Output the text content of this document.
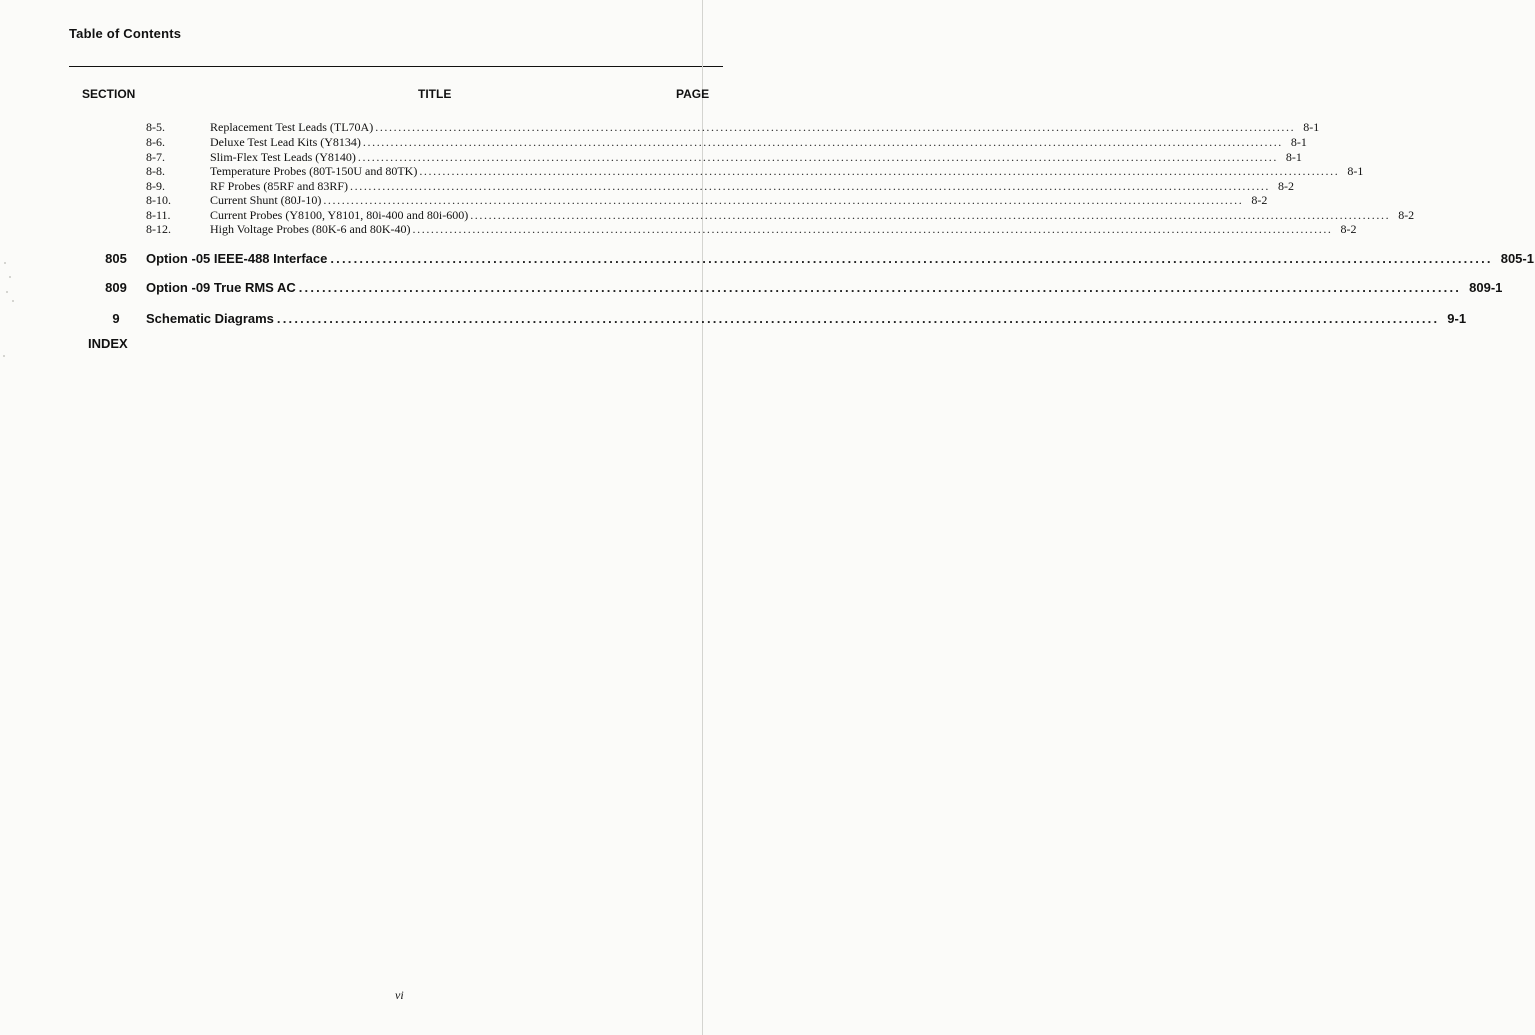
Table of Contents
SECTION	TITLE	PAGE
8-5.	Replacement Test Leads (TL70A) ........................................................................................................................................................................................................ 8-1
8-6.	Deluxe Test Lead Kits (Y8134) ........................................................................................................................................................................................................ 8-1
8-7.	Slim-Flex Test Leads (Y8140) ........................................................................................................................................................................................................ 8-1
8-8.	Temperature Probes (80T-150U and 80TK) ........................................................................................................................................................................................................ 8-1
8-9.	RF Probes (85RF and 83RF) ........................................................................................................................................................................................................ 8-2
8-10.	Current Shunt (80J-10) ........................................................................................................................................................................................................ 8-2
8-11.	Current Probes (Y8100, Y8101, 80i-400 and 80i-600) ........................................................................................................................................................................................................ 8-2
8-12.	High Voltage Probes (80K-6 and 80K-40) ........................................................................................................................................................................................................ 8-2
805	Option -05 IEEE-488 Interface ........................................................................................................................................................................................................ 805-1
809	Option -09 True RMS AC ........................................................................................................................................................................................................ 809-1
9	Schematic Diagrams ........................................................................................................................................................................................................ 9-1
INDEX
vi
